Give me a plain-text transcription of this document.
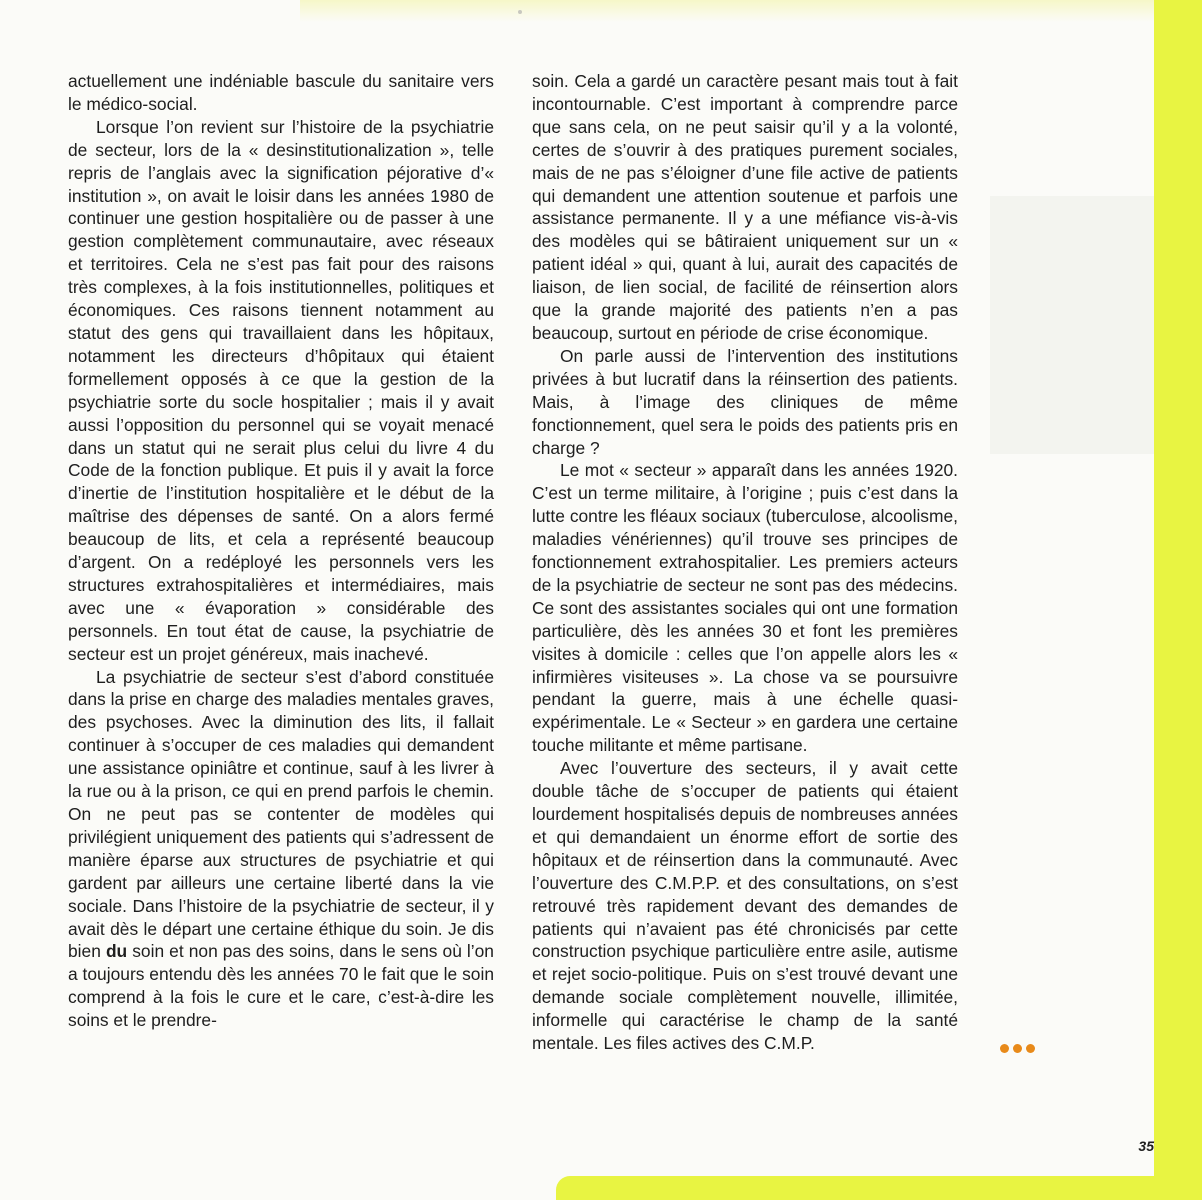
actuellement une indéniable bascule du sanitaire vers le médico-social.

Lorsque l’on revient sur l’histoire de la psychiatrie de secteur, lors de la « desinstitutionalization », telle repris de l’anglais avec la signification péjorative d’« institution », on avait le loisir dans les années 1980 de continuer une gestion hospitalière ou de passer à une gestion complètement communautaire, avec réseaux et territoires. Cela ne s’est pas fait pour des raisons très complexes, à la fois institutionnelles, politiques et économiques. Ces raisons tiennent notamment au statut des gens qui travaillaient dans les hôpitaux, notamment les directeurs d’hôpitaux qui étaient formellement opposés à ce que la gestion de la psychiatrie sorte du socle hospitalier ; mais il y avait aussi l’opposition du personnel qui se voyait menacé dans un statut qui ne serait plus celui du livre 4 du Code de la fonction publique. Et puis il y avait la force d’inertie de l’institution hospitalière et le début de la maîtrise des dépenses de santé. On a alors fermé beaucoup de lits, et cela a représenté beaucoup d’argent. On a redéployé les personnels vers les structures extrahospitalières et intermédiaires, mais avec une « évaporation » considérable des personnels. En tout état de cause, la psychiatrie de secteur est un projet généreux, mais inachevé.

La psychiatrie de secteur s’est d’abord constituée dans la prise en charge des maladies mentales graves, des psychoses. Avec la diminution des lits, il fallait continuer à s’occuper de ces maladies qui demandent une assistance opiniâtre et continue, sauf à les livrer à la rue ou à la prison, ce qui en prend parfois le chemin. On ne peut pas se contenter de modèles qui privilégient uniquement des patients qui s’adressent de manière éparse aux structures de psychiatrie et qui gardent par ailleurs une certaine liberté dans la vie sociale. Dans l’histoire de la psychiatrie de secteur, il y avait dès le départ une certaine éthique du soin. Je dis bien du soin et non pas des soins, dans le sens où l’on a toujours entendu dès les années 70 le fait que le soin comprend à la fois le cure et le care, c’est-à-dire les soins et le prendre-

soin. Cela a gardé un caractère pesant mais tout à fait incontournable. C’est important à comprendre parce que sans cela, on ne peut saisir qu’il y a la volonté, certes de s’ouvrir à des pratiques purement sociales, mais de ne pas s’éloigner d’une file active de patients qui demandent une attention soutenue et parfois une assistance permanente. Il y a une méfiance vis-à-vis des modèles qui se bâtiraient uniquement sur un « patient idéal » qui, quant à lui, aurait des capacités de liaison, de lien social, de facilité de réinsertion alors que la grande majorité des patients n’en a pas beaucoup, surtout en période de crise économique.

On parle aussi de l’intervention des institutions privées à but lucratif dans la réinsertion des patients. Mais, à l’image des cliniques de même fonctionnement, quel sera le poids des patients pris en charge ?

Le mot « secteur » apparaît dans les années 1920. C’est un terme militaire, à l’origine ; puis c’est dans la lutte contre les fléaux sociaux (tuberculose, alcoolisme, maladies vénériennes) qu’il trouve ses principes de fonctionnement extrahospitalier. Les premiers acteurs de la psychiatrie de secteur ne sont pas des médecins. Ce sont des assistantes sociales qui ont une formation particulière, dès les années 30 et font les premières visites à domicile : celles que l’on appelle alors les « infirmières visiteuses ». La chose va se poursuivre pendant la guerre, mais à une échelle quasi-expérimentale. Le « Secteur » en gardera une certaine touche militante et même partisane.

Avec l’ouverture des secteurs, il y avait cette double tâche de s’occuper de patients qui étaient lourdement hospitalisés depuis de nombreuses années et qui demandaient un énorme effort de sortie des hôpitaux et de réinsertion dans la communauté. Avec l’ouverture des C.M.P.P. et des consultations, on s’est retrouvé très rapidement devant des demandes de patients qui n’avaient pas été chronicisés par cette construction psychique particulière entre asile, autisme et rejet socio-politique. Puis on s’est trouvé devant une demande sociale complètement nouvelle, illimitée, informelle qui caractérise le champ de la santé mentale. Les files actives des C.M.P.

35
